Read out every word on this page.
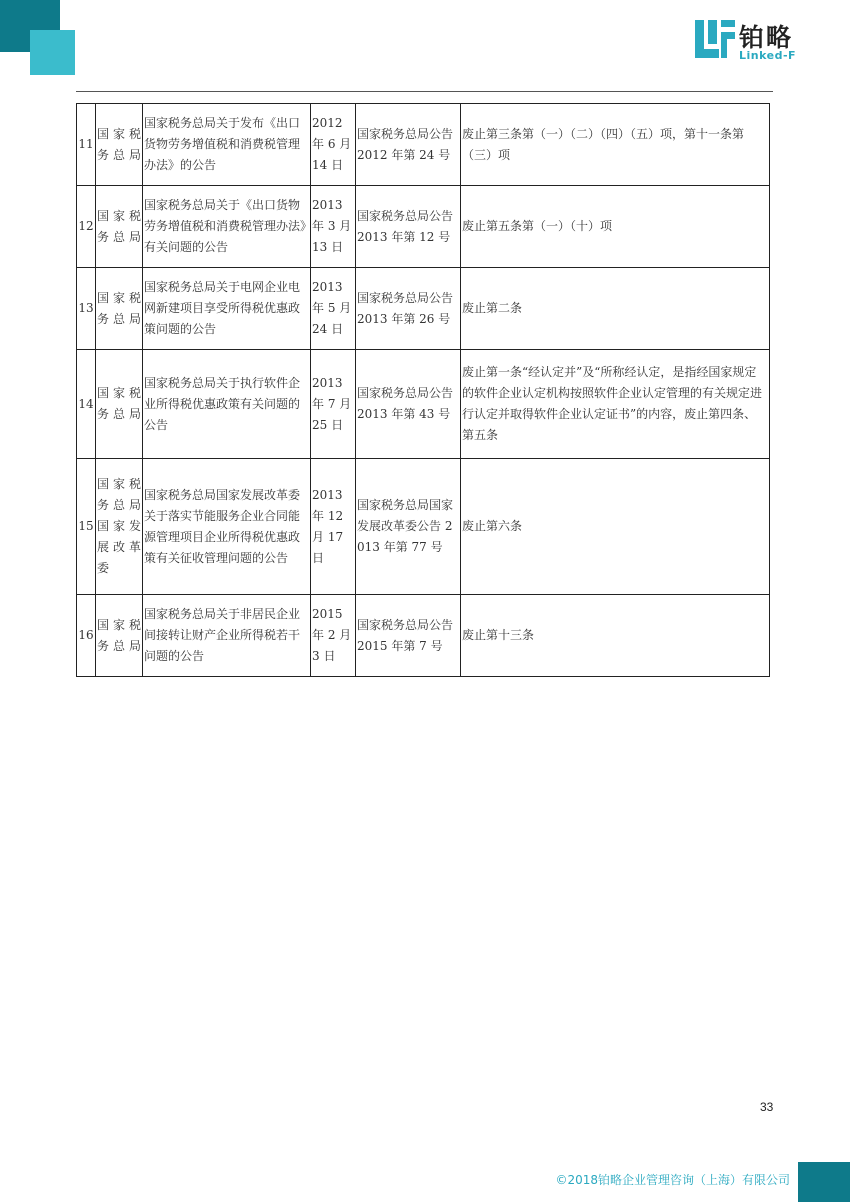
铂略
Linked-F
11	国家税务总局	国家税务总局关于发布《出口货物劳务增值税和消费税管理办法》的公告	2012 年 6 月 14 日	国家税务总局公告 2012 年第 24 号	废止第三条第（一）（二）（四）（五）项，第十一条第（三）项
12	国家税务总局	国家税务总局关于《出口货物劳务增值税和消费税管理办法》有关问题的公告	2013 年 3 月 13 日	国家税务总局公告 2013 年第 12 号	废止第五条第（一）（十）项
13	国家税务总局	国家税务总局关于电网企业电网新建项目享受所得税优惠政策问题的公告	2013 年 5 月 24 日	国家税务总局公告 2013 年第 26 号	废止第二条
14	国家税务总局	国家税务总局关于执行软件企业所得税优惠政策有关问题的公告	2013 年 7 月 25 日	国家税务总局公告 2013 年第 43 号	废止第一条“经认定并”及“所称经认定，是指经国家规定的软件企业认定机构按照软件企业认定管理的有关规定进行认定并取得软件企业认定证书”的内容，废止第四条、第五条
15	国家税务总局国家发展改革委	国家税务总局国家发展改革委关于落实节能服务企业合同能源管理项目企业所得税优惠政策有关征收管理问题的公告	2013 年 12 月 17 日	国家税务总局国家发展改革委公告 2013 年第 77 号	废止第六条
16	国家税务总局	国家税务总局关于非居民企业间接转让财产企业所得税若干问题的公告	2015 年 2 月 3 日	国家税务总局公告 2015 年第 7 号	废止第十三条
33
©2018铂略企业管理咨询（上海）有限公司
